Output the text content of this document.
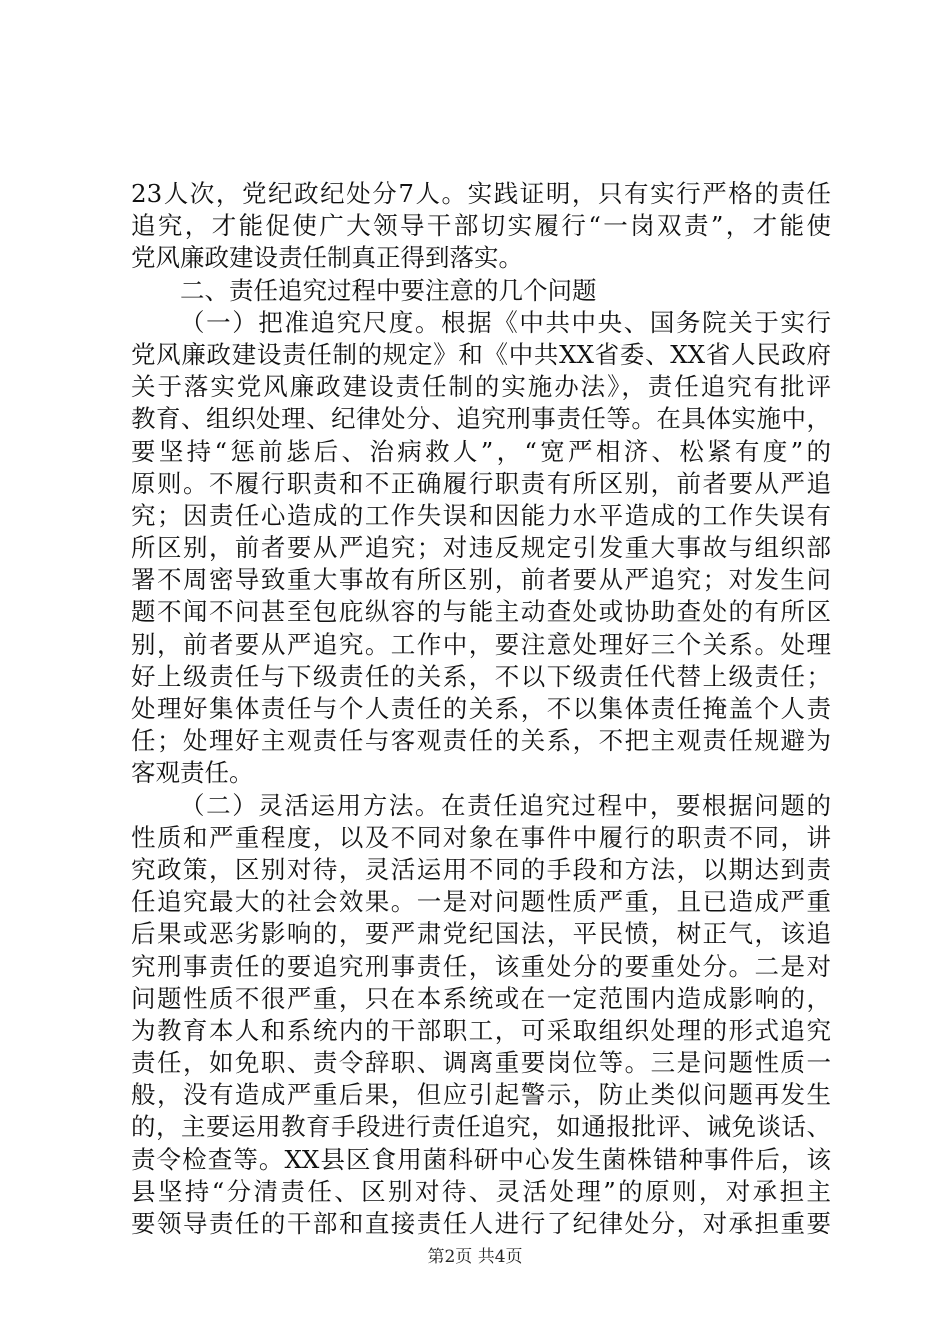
23人次，党纪政纪处分7人。实践证明，只有实行严格的责任
追究，才能促使广大领导干部切实履行“一岗双责”，才能使
党风廉政建设责任制真正得到落实。
二、责任追究过程中要注意的几个问题
（一）把准追究尺度。根据《中共中央、国务院关于实行
党风廉政建设责任制的规定》和《中共XX省委、XX省人民政府
关于落实党风廉政建设责任制的实施办法》，责任追究有批评
教育、组织处理、纪律处分、追究刑事责任等。在具体实施中，
要坚持“惩前毖后、治病救人”，“宽严相济、松紧有度”的
原则。不履行职责和不正确履行职责有所区别，前者要从严追
究；因责任心造成的工作失误和因能力水平造成的工作失误有
所区别，前者要从严追究；对违反规定引发重大事故与组织部
署不周密导致重大事故有所区别，前者要从严追究；对发生问
题不闻不问甚至包庇纵容的与能主动查处或协助查处的有所区
别，前者要从严追究。工作中，要注意处理好三个关系。处理
好上级责任与下级责任的关系，不以下级责任代替上级责任；
处理好集体责任与个人责任的关系，不以集体责任掩盖个人责
任；处理好主观责任与客观责任的关系，不把主观责任规避为
客观责任。
（二）灵活运用方法。在责任追究过程中，要根据问题的
性质和严重程度，以及不同对象在事件中履行的职责不同，讲
究政策，区别对待，灵活运用不同的手段和方法，以期达到责
任追究最大的社会效果。一是对问题性质严重，且已造成严重
后果或恶劣影响的，要严肃党纪国法，平民愤，树正气，该追
究刑事责任的要追究刑事责任，该重处分的要重处分。二是对
问题性质不很严重，只在本系统或在一定范围内造成影响的，
为教育本人和系统内的干部职工，可采取组织处理的形式追究
责任，如免职、责令辞职、调离重要岗位等。三是问题性质一
般，没有造成严重后果，但应引起警示，防止类似问题再发生
的，主要运用教育手段进行责任追究，如通报批评、诫免谈话、
责令检查等。XX县区食用菌科研中心发生菌株错种事件后，该
县坚持“分清责任、区别对待、灵活处理”的原则，对承担主
要领导责任的干部和直接责任人进行了纪律处分，对承担重要
第2页 共4页
